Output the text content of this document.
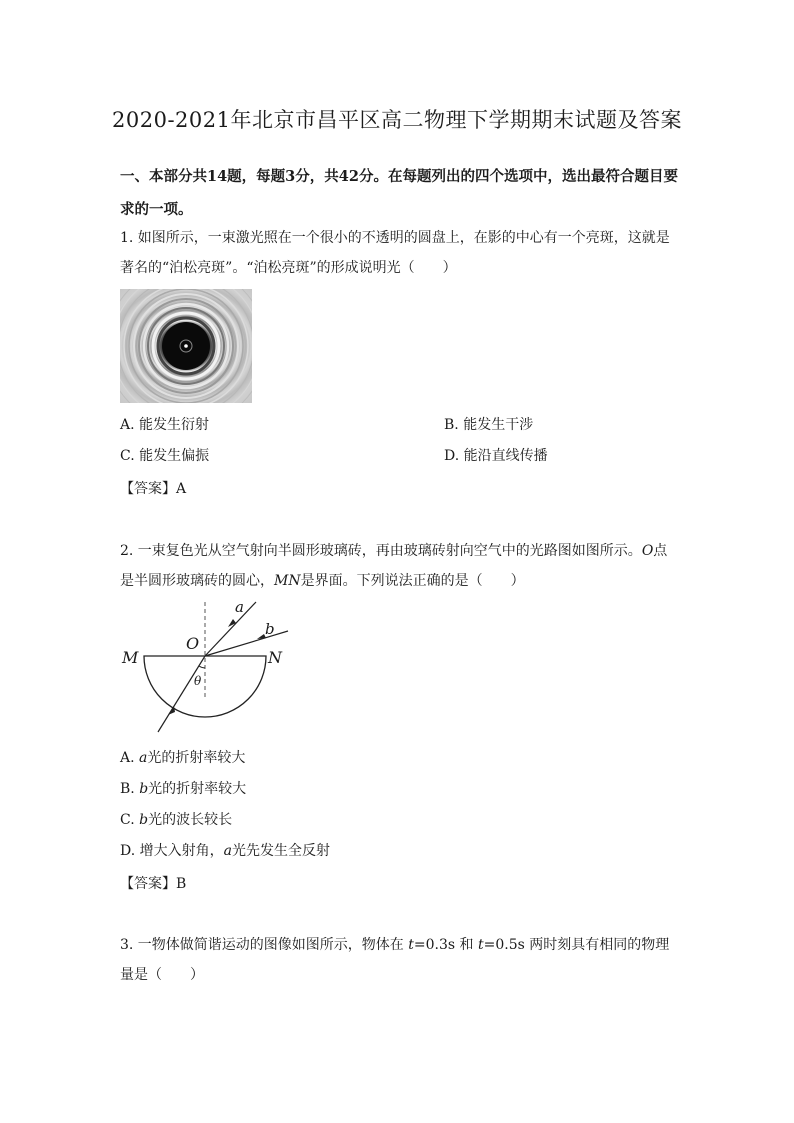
2020-2021年北京市昌平区高二物理下学期期末试题及答案
一、本部分共14题，每题3分，共42分。在每题列出的四个选项中，选出最符合题目要求的一项。
1. 如图所示，一束激光照在一个很小的不透明的圆盘上，在影的中心有一个亮斑，这就是著名的“泊松亮斑”。“泊松亮斑”的形成说明光（　　）
A. 能发生衍射	B. 能发生干涉
C. 能发生偏振	D. 能沿直线传播
【答案】A
2. 一束复色光从空气射向半圆形玻璃砖，再由玻璃砖射向空气中的光路图如图所示。O点是半圆形玻璃砖的圆心，MN是界面。下列说法正确的是（　　）
M	N
O
a
b
θ
A. a光的折射率较大
B. b光的折射率较大
C. b光的波长较长
D. 增大入射角，a光先发生全反射
【答案】B
3. 一物体做简谐运动的图像如图所示，物体在 t=0.3s 和 t=0.5s 两时刻具有相同的物理量是（　　）
